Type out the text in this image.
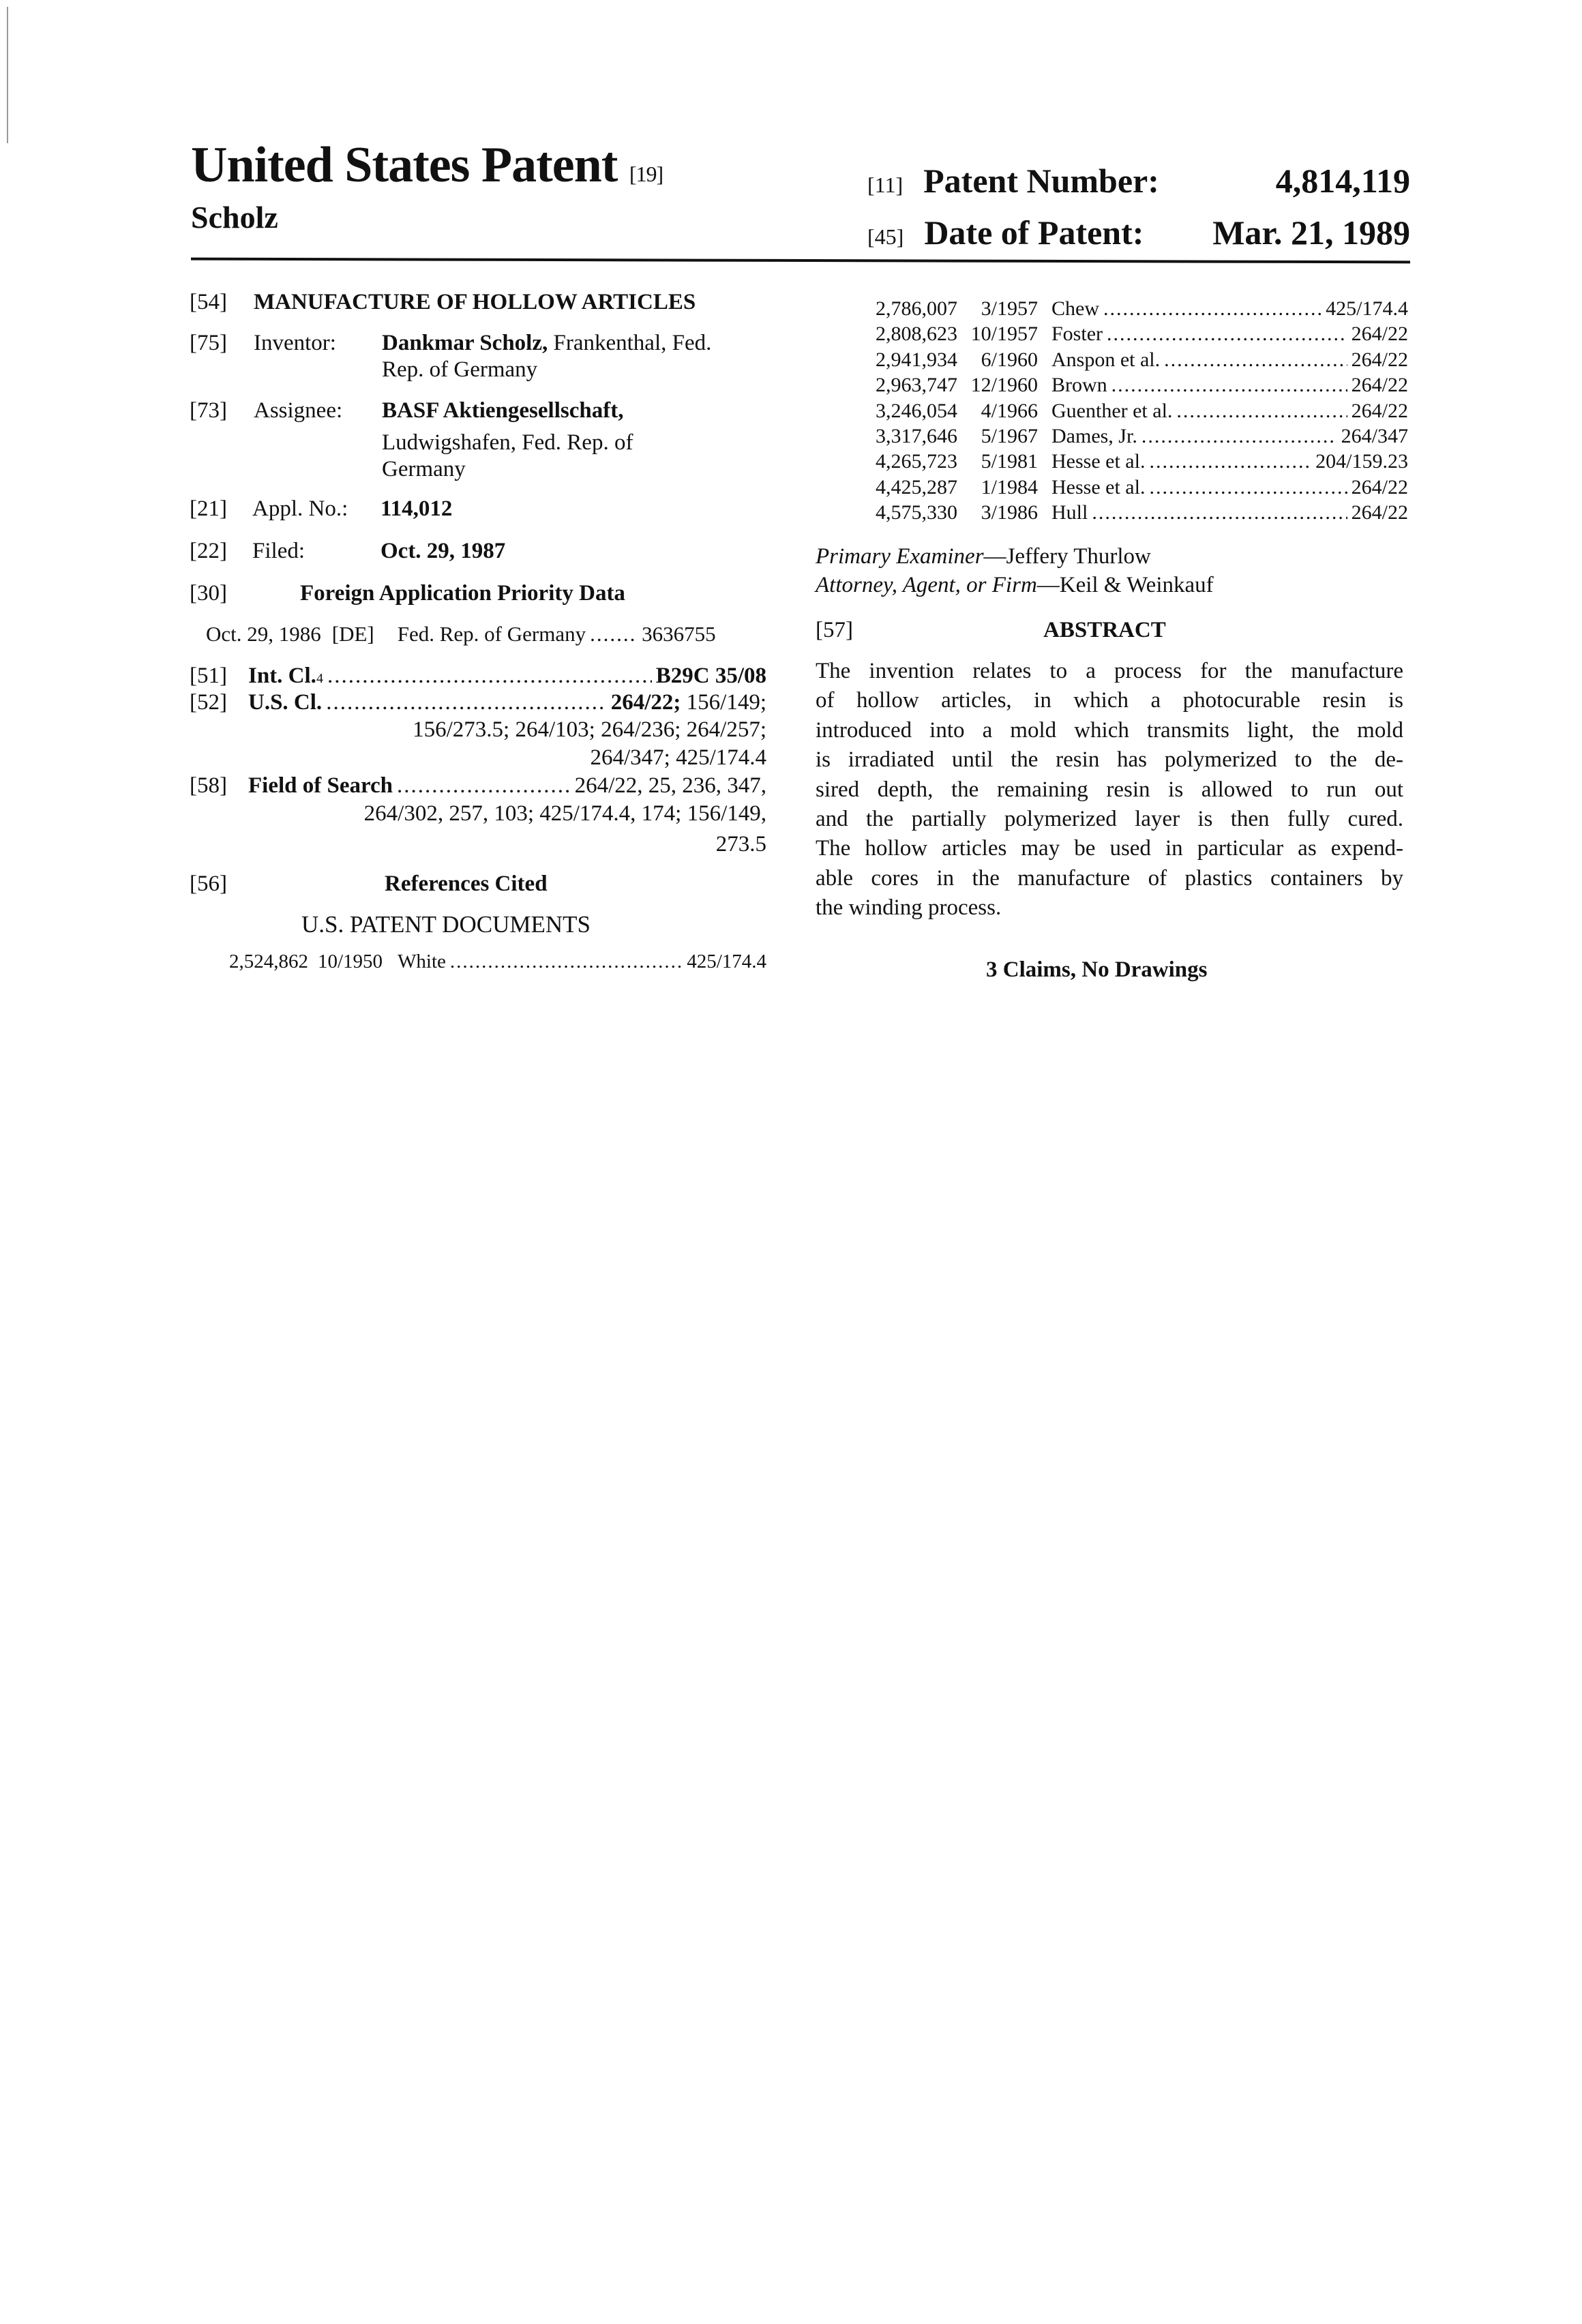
United States Patent [19]
Scholz
[11] Patent Number:	4,814,119
[45] Date of Patent: Mar. 21, 1989
[54] MANUFACTURE OF HOLLOW ARTICLES
[75] Inventor: Dankmar Scholz, Frankenthal, Fed.
Rep. of Germany
[73] Assignee: BASF Aktiengesellschaft,
Ludwigshafen, Fed. Rep. of
Germany
[21] Appl. No.: 114,012
[22] Filed:	Oct. 29, 1987
[30]	Foreign Application Priority Data
Oct. 29, 1986 [DE] Fed. Rep. of Germany
.....	3636755
[51] Int. Cl. 4
.....	B29C 35/08
[52] U.S. Cl.
.....	264/22;
156/149;
156/273.5; 264/103; 264/236; 264/257;
264/347; 425/174.4
[58] Field of Search
.....	264/22, 25, 236, 347,
264/302, 257, 103; 425/174.4, 174; 156/149,
273.5
[56]	References Cited
U.S. PATENT DOCUMENTS
2,524,862 10/1950 White
.....	425/174.4
2,786,007	3/1957 Chew
.....	425/174.4
2,808,623 10/1957 Foster
.....	264/22
2,941,934	6/1960 Anspon et al.
.....	264/22
2,963,747 12/1960 Brown
.....	264/22
3,246,054	4/1966 Guenther et al.
.....	264/22
3,317,646	5/1967 Dames, Jr.
.....	264/347
4,265,723	5/1981 Hesse et al.
.....	204/159.23
4,425,287	1/1984 Hesse et al.
.....	264/22
4,575,330	3/1986 Hull
.....	264/22
Primary Examiner—Jeffery Thurlow
Attorney, Agent, or Firm—Keil & Weinkauf
[57]	ABSTRACT
The invention relates to a process for the manufacture
of hollow articles, in which a photocurable resin is
introduced into a mold which transmits light, the mold
is irradiated until the resin has polymerized to the de-
sired depth, the remaining resin is allowed to run out
and the partially polymerized layer is then fully cured.
The hollow articles may be used in particular as expend-
able cores in the manufacture of plastics containers by
the winding process.
3 Claims, No Drawings
